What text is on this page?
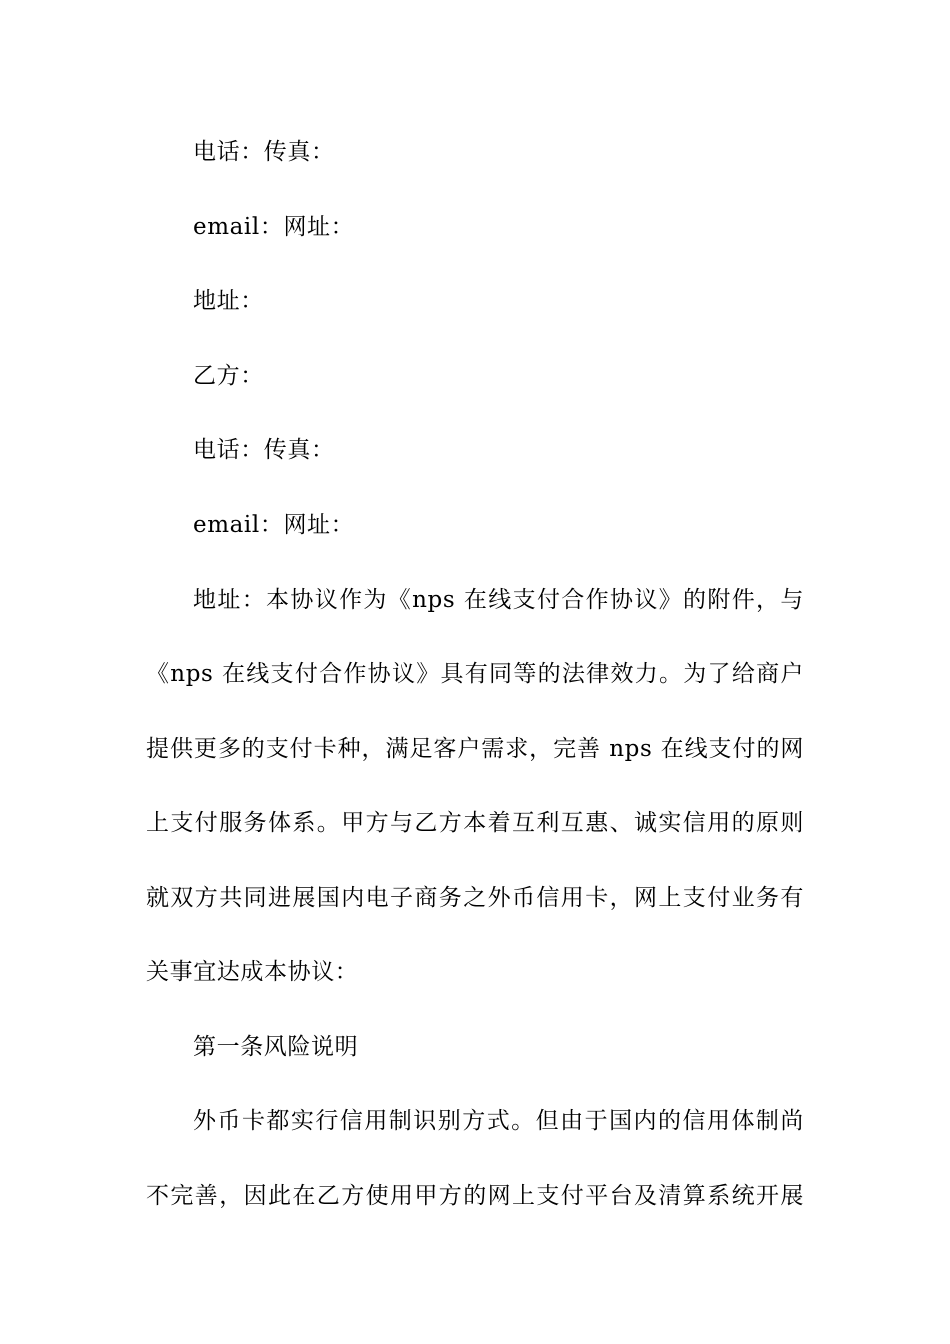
电话：传真：
email：网址：
地址：
乙方：
电话：传真：
email：网址：
地址：本协议作为《nps 在线支付合作协议》的附件，与
《nps 在线支付合作协议》具有同等的法律效力。为了给商户
提供更多的支付卡种，满足客户需求，完善 nps 在线支付的网
上支付服务体系。甲方与乙方本着互利互惠、诚实信用的原则
就双方共同进展国内电子商务之外币信用卡，网上支付业务有
关事宜达成本协议：
第一条风险说明
外币卡都实行信用制识别方式。但由于国内的信用体制尚
不完善，因此在乙方使用甲方的网上支付平台及清算系统开展
